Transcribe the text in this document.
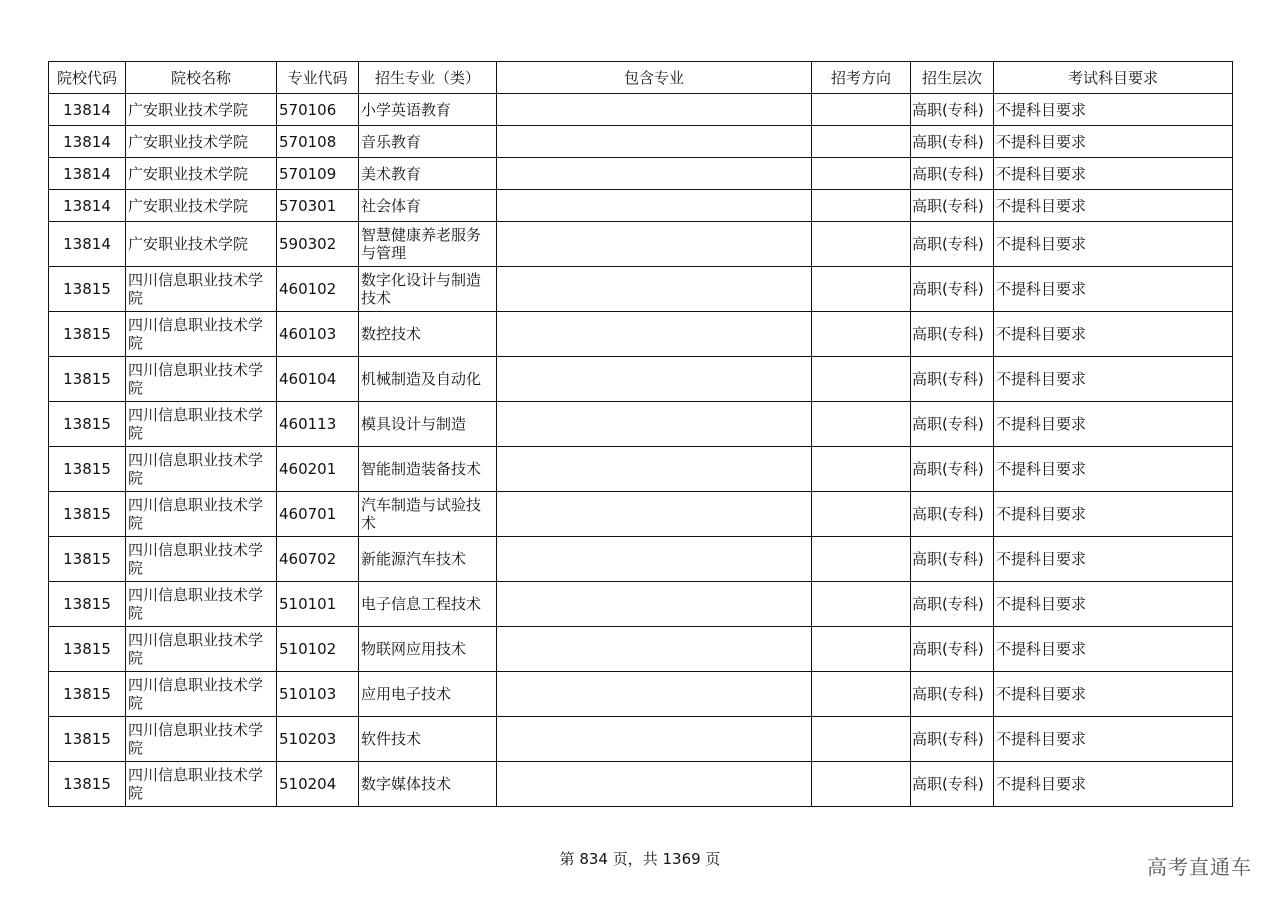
院校代码	院校名称	专业代码	招生专业（类）	包含专业	招考方向	招生层次	考试科目要求
13814	广安职业技术学院	570106	小学英语教育			高职(专科)	不提科目要求
13814	广安职业技术学院	570108	音乐教育			高职(专科)	不提科目要求
13814	广安职业技术学院	570109	美术教育			高职(专科)	不提科目要求
13814	广安职业技术学院	570301	社会体育			高职(专科)	不提科目要求
13814	广安职业技术学院	590302	智慧健康养老服务与管理			高职(专科)	不提科目要求
13815	四川信息职业技术学院	460102	数字化设计与制造技术			高职(专科)	不提科目要求
13815	四川信息职业技术学院	460103	数控技术			高职(专科)	不提科目要求
13815	四川信息职业技术学院	460104	机械制造及自动化			高职(专科)	不提科目要求
13815	四川信息职业技术学院	460113	模具设计与制造			高职(专科)	不提科目要求
13815	四川信息职业技术学院	460201	智能制造装备技术			高职(专科)	不提科目要求
13815	四川信息职业技术学院	460701	汽车制造与试验技术			高职(专科)	不提科目要求
13815	四川信息职业技术学院	460702	新能源汽车技术			高职(专科)	不提科目要求
13815	四川信息职业技术学院	510101	电子信息工程技术			高职(专科)	不提科目要求
13815	四川信息职业技术学院	510102	物联网应用技术			高职(专科)	不提科目要求
13815	四川信息职业技术学院	510103	应用电子技术			高职(专科)	不提科目要求
13815	四川信息职业技术学院	510203	软件技术			高职(专科)	不提科目要求
13815	四川信息职业技术学院	510204	数字媒体技术			高职(专科)	不提科目要求
第 834 页，共 1369 页	高考直通车
